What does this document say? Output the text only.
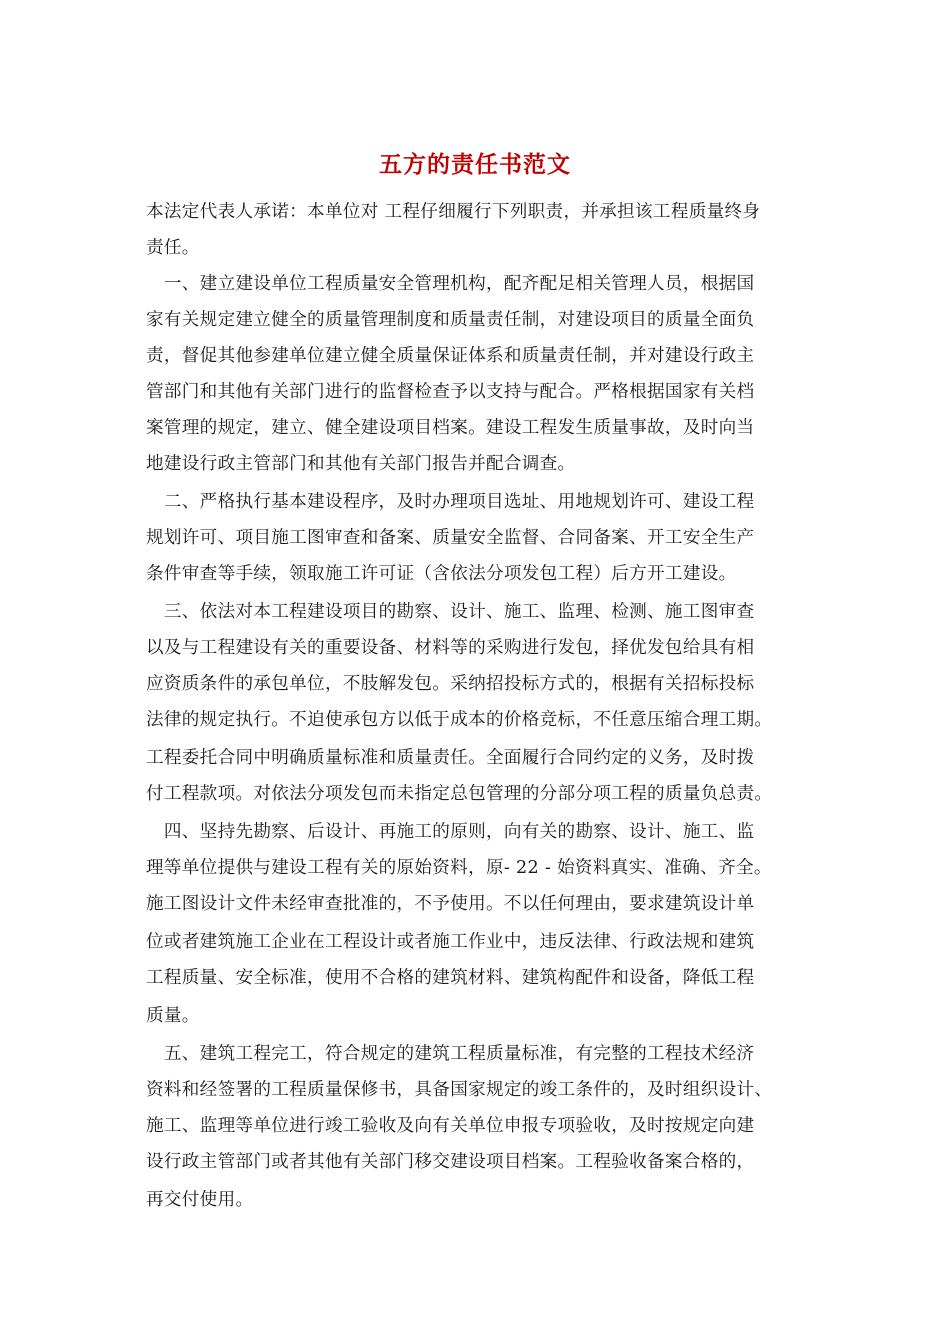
五方的责任书范文
本法定代表人承诺：本单位对 工程仔细履行下列职责，并承担该工程质量终身
责任。
　一、建立建设单位工程质量安全管理机构，配齐配足相关管理人员，根据国
家有关规定建立健全的质量管理制度和质量责任制，对建设项目的质量全面负
责，督促其他参建单位建立健全质量保证体系和质量责任制，并对建设行政主
管部门和其他有关部门进行的监督检查予以支持与配合。严格根据国家有关档
案管理的规定，建立、健全建设项目档案。建设工程发生质量事故，及时向当
地建设行政主管部门和其他有关部门报告并配合调查。
　二、严格执行基本建设程序，及时办理项目选址、用地规划许可、建设工程
规划许可、项目施工图审查和备案、质量安全监督、合同备案、开工安全生产
条件审查等手续，领取施工许可证（含依法分项发包工程）后方开工建设。
　三、依法对本工程建设项目的勘察、设计、施工、监理、检测、施工图审查
以及与工程建设有关的重要设备、材料等的采购进行发包，择优发包给具有相
应资质条件的承包单位，不肢解发包。采纳招投标方式的，根据有关招标投标
法律的规定执行。不迫使承包方以低于成本的价格竞标，不任意压缩合理工期。
工程委托合同中明确质量标准和质量责任。全面履行合同约定的义务，及时拨
付工程款项。对依法分项发包而未指定总包管理的分部分项工程的质量负总责。
　四、坚持先勘察、后设计、再施工的原则，向有关的勘察、设计、施工、监
理等单位提供与建设工程有关的原始资料，原- 22 - 始资料真实、准确、齐全。
施工图设计文件未经审查批准的，不予使用。不以任何理由，要求建筑设计单
位或者建筑施工企业在工程设计或者施工作业中，违反法律、行政法规和建筑
工程质量、安全标准，使用不合格的建筑材料、建筑构配件和设备，降低工程
质量。
　五、建筑工程完工，符合规定的建筑工程质量标准，有完整的工程技术经济
资料和经签署的工程质量保修书，具备国家规定的竣工条件的，及时组织设计、
施工、监理等单位进行竣工验收及向有关单位申报专项验收，及时按规定向建
设行政主管部门或者其他有关部门移交建设项目档案。工程验收备案合格的，
再交付使用。
